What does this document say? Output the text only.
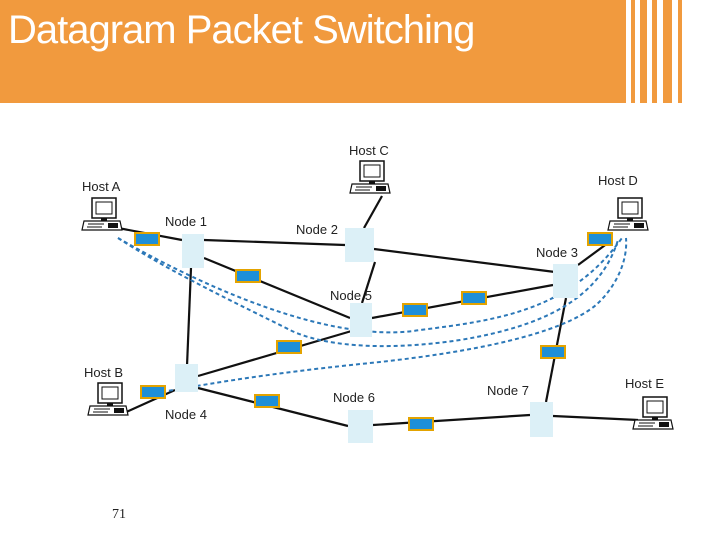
Datagram Packet Switching
Host A
Host B
Host C
Host D
Host E
Node 1
Node 2
Node 3
Node 4
Node 5
Node 6	Node 7
71
